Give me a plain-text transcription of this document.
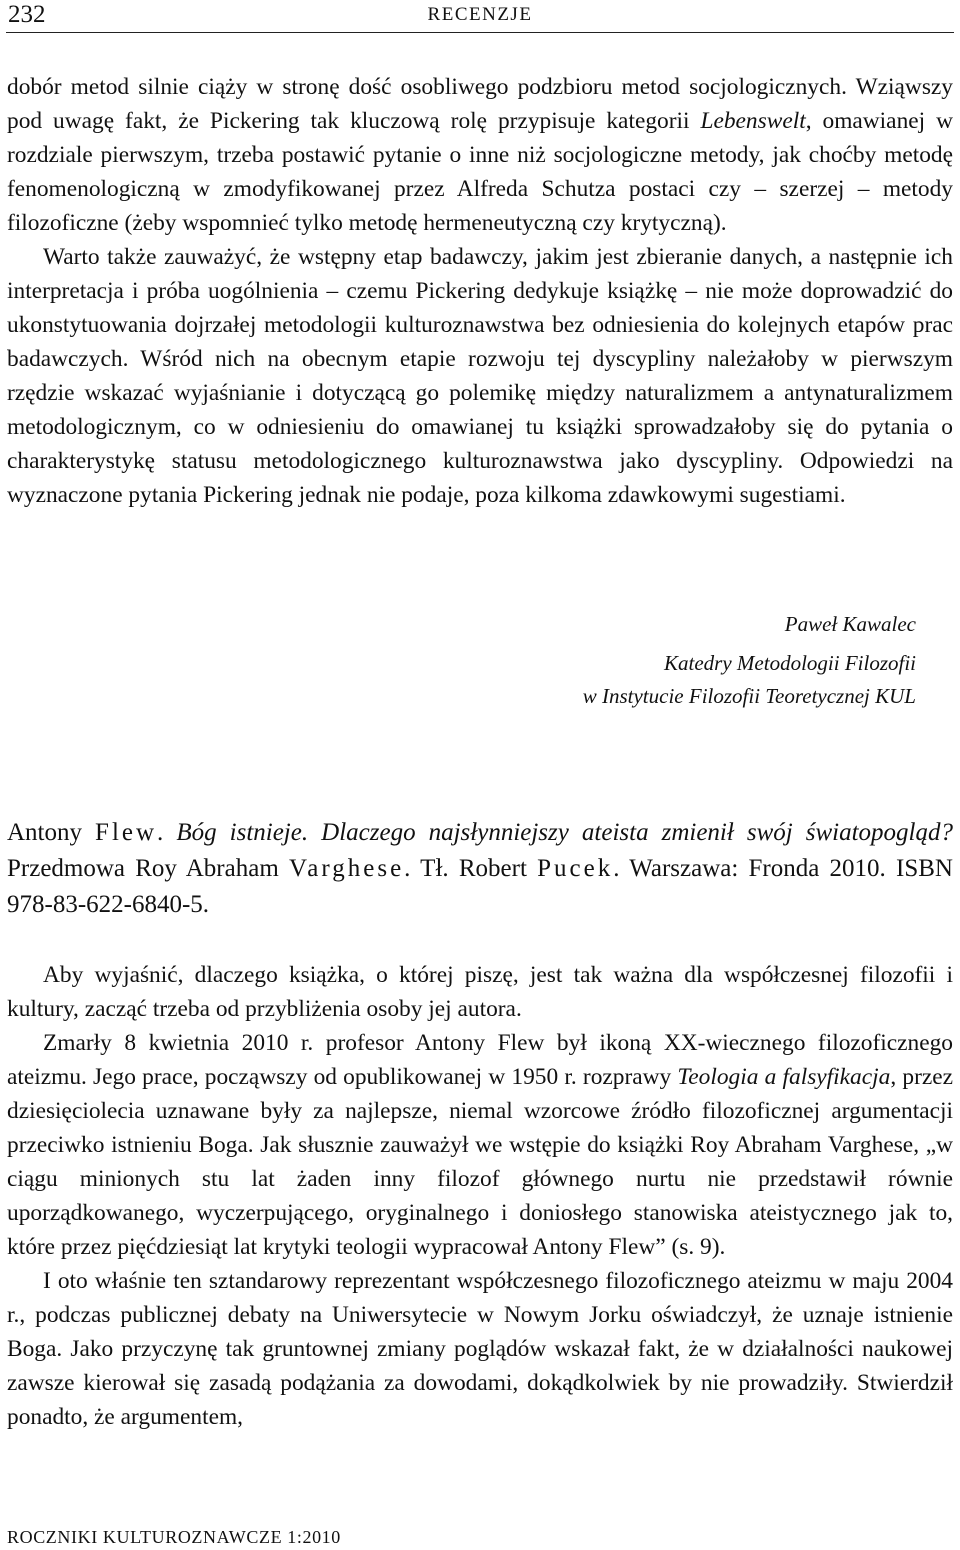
232	RECENZJE

dobór metod silnie ciąży w stronę dość osobliwego podzbioru metod socjologicznych. Wziąwszy pod uwagę fakt, że Pickering tak kluczową rolę przypisuje kategorii Lebenswelt, omawianej w rozdziale pierwszym, trzeba postawić pytanie o inne niż socjologiczne metody, jak choćby metodę fenomenologiczną w zmodyfikowanej przez Alfreda Schutza postaci czy – szerzej – metody filozoficzne (żeby wspomnieć tylko metodę hermeneutyczną czy krytyczną).

Warto także zauważyć, że wstępny etap badawczy, jakim jest zbieranie danych, a następnie ich interpretacja i próba uogólnienia – czemu Pickering dedykuje książkę – nie może doprowadzić do ukonstytuowania dojrzałej metodologii kulturoznawstwa bez odniesienia do kolejnych etapów prac badawczych. Wśród nich na obecnym etapie rozwoju tej dyscypliny należałoby w pierwszym rzędzie wskazać wyjaśnianie i dotyczącą go polemikę między naturalizmem a antynaturalizmem metodologicznym, co w odniesieniu do omawianej tu książki sprowadzałoby się do pytania o charakterystykę statusu metodologicznego kulturoznawstwa jako dyscypliny. Odpowiedzi na wyznaczone pytania Pickering jednak nie podaje, poza kilkoma zdawkowymi sugestiami.

Paweł Kawalec
Katedry Metodologii Filozofii
w Instytucie Filozofii Teoretycznej KUL
Antony Flew. Bóg istnieje. Dlaczego najsłynniejszy ateista zmienił swój światopogląd? Przedmowa Roy Abraham Varghese. Tł. Robert Pucek. Warszawa: Fronda 2010. ISBN 978-83-622-6840-5.

Aby wyjaśnić, dlaczego książka, o której piszę, jest tak ważna dla współczesnej filozofii i kultury, zacząć trzeba od przybliżenia osoby jej autora.

Zmarły 8 kwietnia 2010 r. profesor Antony Flew był ikoną XX-wiecznego filozoficznego ateizmu. Jego prace, począwszy od opublikowanej w 1950 r. rozprawy Teologia a falsyfikacja, przez dziesięciolecia uznawane były za najlepsze, niemal wzorcowe źródło filozoficznej argumentacji przeciwko istnieniu Boga. Jak słusznie zauważył we wstępie do książki Roy Abraham Varghese, „w ciągu minionych stu lat żaden inny filozof głównego nurtu nie przedstawił równie uporządkowanego, wyczerpującego, oryginalnego i doniosłego stanowiska ateistycznego jak to, które przez pięćdziesiąt lat krytyki teologii wypracował Antony Flew” (s. 9).

I oto właśnie ten sztandarowy reprezentant współczesnego filozoficznego ateizmu w maju 2004 r., podczas publicznej debaty na Uniwersytecie w Nowym Jorku oświadczył, że uznaje istnienie Boga. Jako przyczynę tak gruntownej zmiany poglądów wskazał fakt, że w działalności naukowej zawsze kierował się zasadą podążania za dowodami, dokądkolwiek by nie prowadziły. Stwierdził ponadto, że argumentem,

ROCZNIKI KULTUROZNAWCZE 1:2010
